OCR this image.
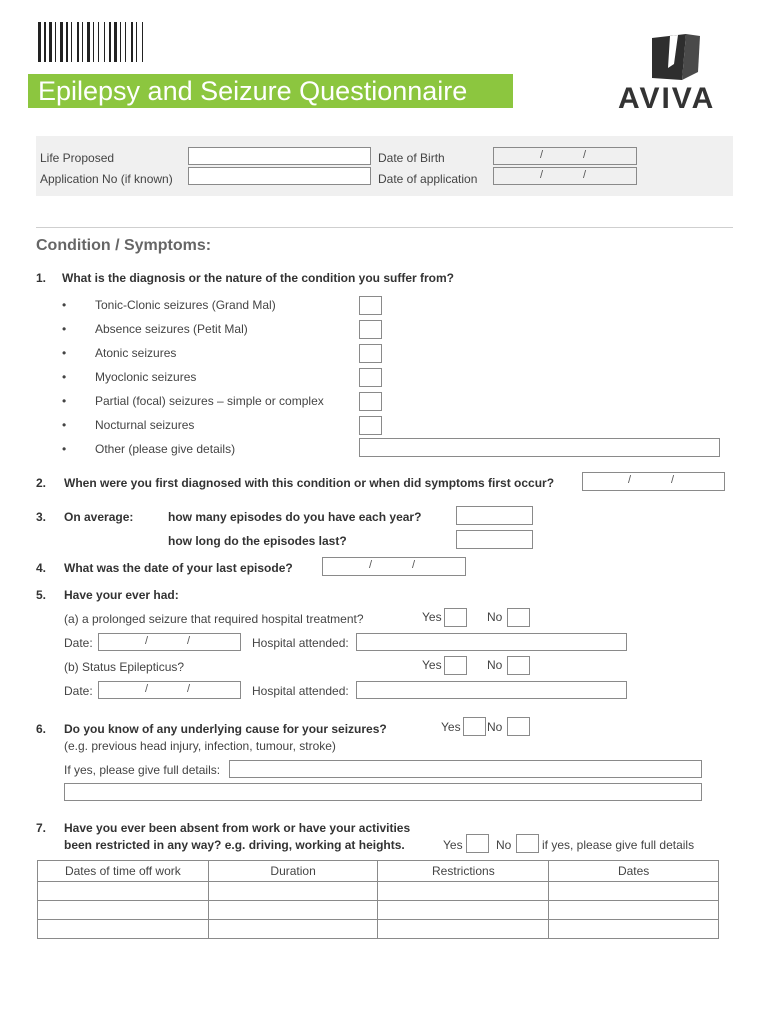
Epilepsy and Seizure Questionnaire	AVIVA
Life Proposed
Application No (if known)
Date of Birth	/	/
Date of application	/	/
Condition / Symptoms:
1. What is the diagnosis or the nature of the condition you suffer from?
• Tonic-Clonic seizures (Grand Mal)
• Absence seizures (Petit Mal)
• Atonic seizures
• Myoclonic seizures
• Partial (focal) seizures – simple or complex
• Nocturnal seizures
• Other (please give details)
2. When were you first diagnosed with this condition or when did symptoms first occur?	/	/
3. On average:	how many episodes do you have each year?
how long do the episodes last?
4. What was the date of your last episode?	/	/
5. Have your ever had:
(a) a prolonged seizure that required hospital treatment?	Yes	No
Date:	/	/	Hospital attended:
(b) Status Epilepticus?	Yes	No
Date:	/	/	Hospital attended:
6. Do you know of any underlying cause for your seizures?	Yes No
(e.g. previous head injury, infection, tumour, stroke)
If yes, please give full details:
7. Have you ever been absent from work or have your activities
been restricted in any way? e.g. driving, working at heights.	Yes	No	if yes, please give full details
Dates of time off work	Duration	Restrictions	Dates
